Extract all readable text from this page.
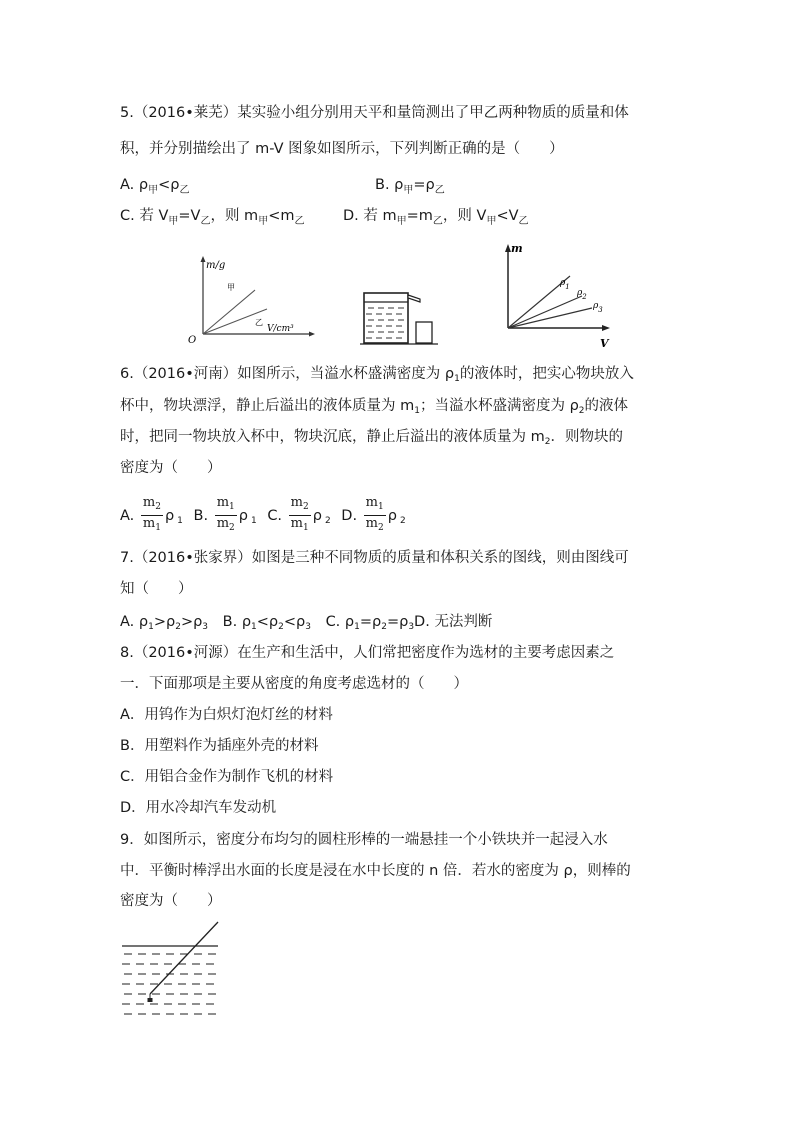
5.（2016•莱芜）某实验小组分别用天平和量筒测出了甲乙两种物质的质量和体
积，并分别描绘出了 m-V 图象如图所示，下列判断正确的是（　　）
A. $\rho_甲<\rho_乙$	B. $\rho_甲=\rho_乙$
C. 若 $V_甲=V_乙$，则 $m_甲<m_乙$	D. 若 $m_甲=m_乙$，则 $V_甲<V_乙$
m/g
V/cm³
O
甲
乙
m
V
$\rho_1$
$\rho_2$
$\rho_3$
6.（2016•河南）如图所示，当溢水杯盛满密度为 $\rho_1$的液体时，把实心物块放入
杯中，物块漂浮，静止后溢出的液体质量为 $m_1$；当溢水杯盛满密度为 $\rho_2$的液体
时，把同一物块放入杯中，物块沉底，静止后溢出的液体质量为 $m_2$．则物块的
密度为（　　）
A. $\frac{m_2}{m_1}$ ρ $_1$ B. $\frac{m_1}{m_2}$ ρ $_1$ C. $\frac{m_2}{m_1}$ ρ $_2$ D. $\frac{m_1}{m_2}$ ρ $_2$
7.（2016•张家界）如图是三种不同物质的质量和体积关系的图线，则由图线可
知（　　）
A. $\rho_1>\rho_2>\rho_3$ B. $\rho_1<\rho_2<\rho_3$ C. $\rho_1=\rho_2=\rho_3D$. 无法判断
8.（2016•河源）在生产和生活中，人们常把密度作为选材的主要考虑因素之
一．下面那项是主要从密度的角度考虑选材的（　　）
A．用钨作为白炽灯泡灯丝的材料
B．用塑料作为插座外壳的材料
C．用铝合金作为制作飞机的材料
D．用水冷却汽车发动机
9．如图所示，密度分布均匀的圆柱形棒的一端悬挂一个小铁块并一起浸入水
中．平衡时棒浮出水面的长度是浸在水中长度的 n 倍．若水的密度为 ρ，则棒的
密度为（　　）
